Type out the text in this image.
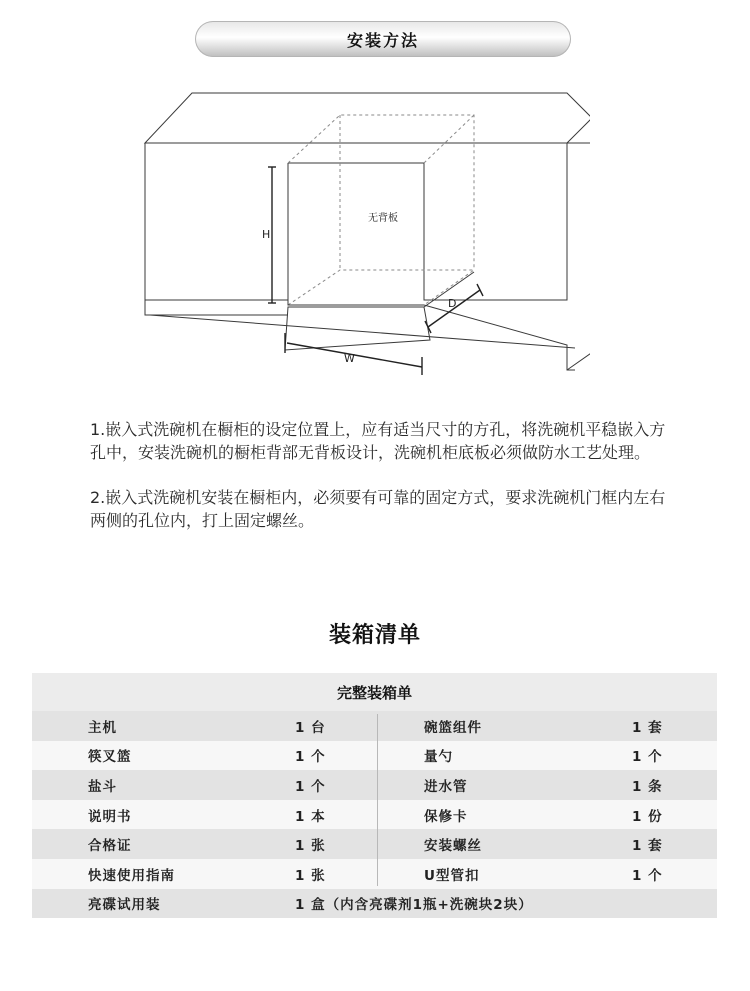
安装方法
无背板
H
W
D

1.嵌入式洗碗机在橱柜的设定位置上，应有适当尺寸的方孔，将洗碗机平稳嵌入方孔中，安装洗碗机的橱柜背部无背板设计，洗碗机柜底板必须做防水工艺处理。

2.嵌入式洗碗机安装在橱柜内，必须要有可靠的固定方式，要求洗碗机门框内左右两侧的孔位内，打上固定螺丝。

装箱清单
完整装箱单
主机	1 台	碗篮组件	1 套
筷叉篮	1 个	量勺	1 个
盐斗	1 个	进水管	1 条
说明书	1 本	保修卡	1 份
合格证	1 张	安装螺丝	1 套
快速使用指南	1 张	U型管扣	1 个
亮碟试用装	1 盒（内含亮碟剂1瓶+洗碗块2块）
